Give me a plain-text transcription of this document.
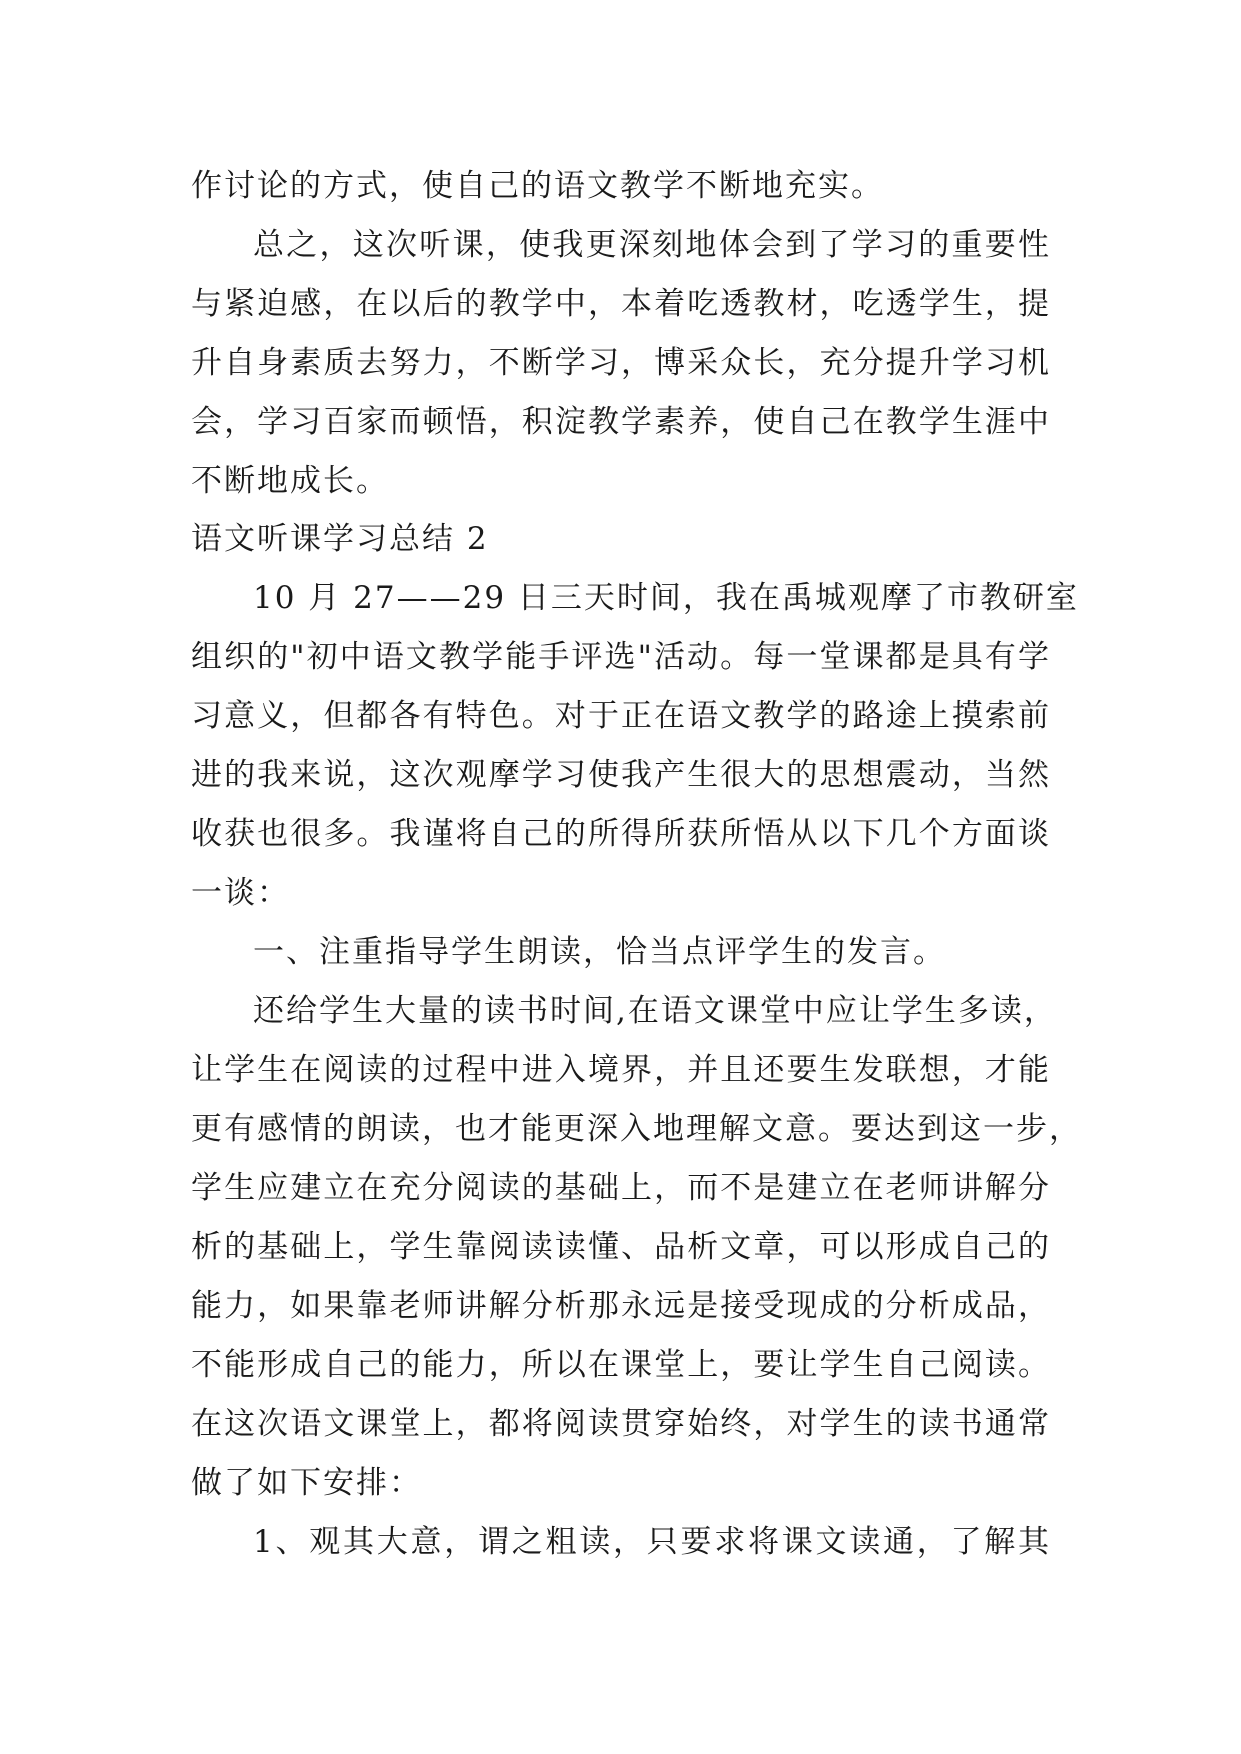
作讨论的方式，使自己的语文教学不断地充实。
总之，这次听课，使我更深刻地体会到了学习的重要性
与紧迫感，在以后的教学中，本着吃透教材，吃透学生，提
升自身素质去努力，不断学习，博采众长，充分提升学习机
会，学习百家而顿悟，积淀教学素养，使自己在教学生涯中
不断地成长。
语文听课学习总结 2
10 月 27——29 日三天时间，我在禹城观摩了市教研室
组织的"初中语文教学能手评选"活动。每一堂课都是具有学
习意义，但都各有特色。对于正在语文教学的路途上摸索前
进的我来说，这次观摩学习使我产生很大的思想震动，当然
收获也很多。我谨将自己的所得所获所悟从以下几个方面谈
一谈：
一、注重指导学生朗读，恰当点评学生的发言。
还给学生大量的读书时间,在语文课堂中应让学生多读，
让学生在阅读的过程中进入境界，并且还要生发联想，才能
更有感情的朗读，也才能更深入地理解文意。要达到这一步，
学生应建立在充分阅读的基础上，而不是建立在老师讲解分
析的基础上，学生靠阅读读懂、品析文章，可以形成自己的
能力，如果靠老师讲解分析那永远是接受现成的分析成品，
不能形成自己的能力，所以在课堂上，要让学生自己阅读。
在这次语文课堂上，都将阅读贯穿始终，对学生的读书通常
做了如下安排：
1、观其大意，谓之粗读，只要求将课文读通，了解其
